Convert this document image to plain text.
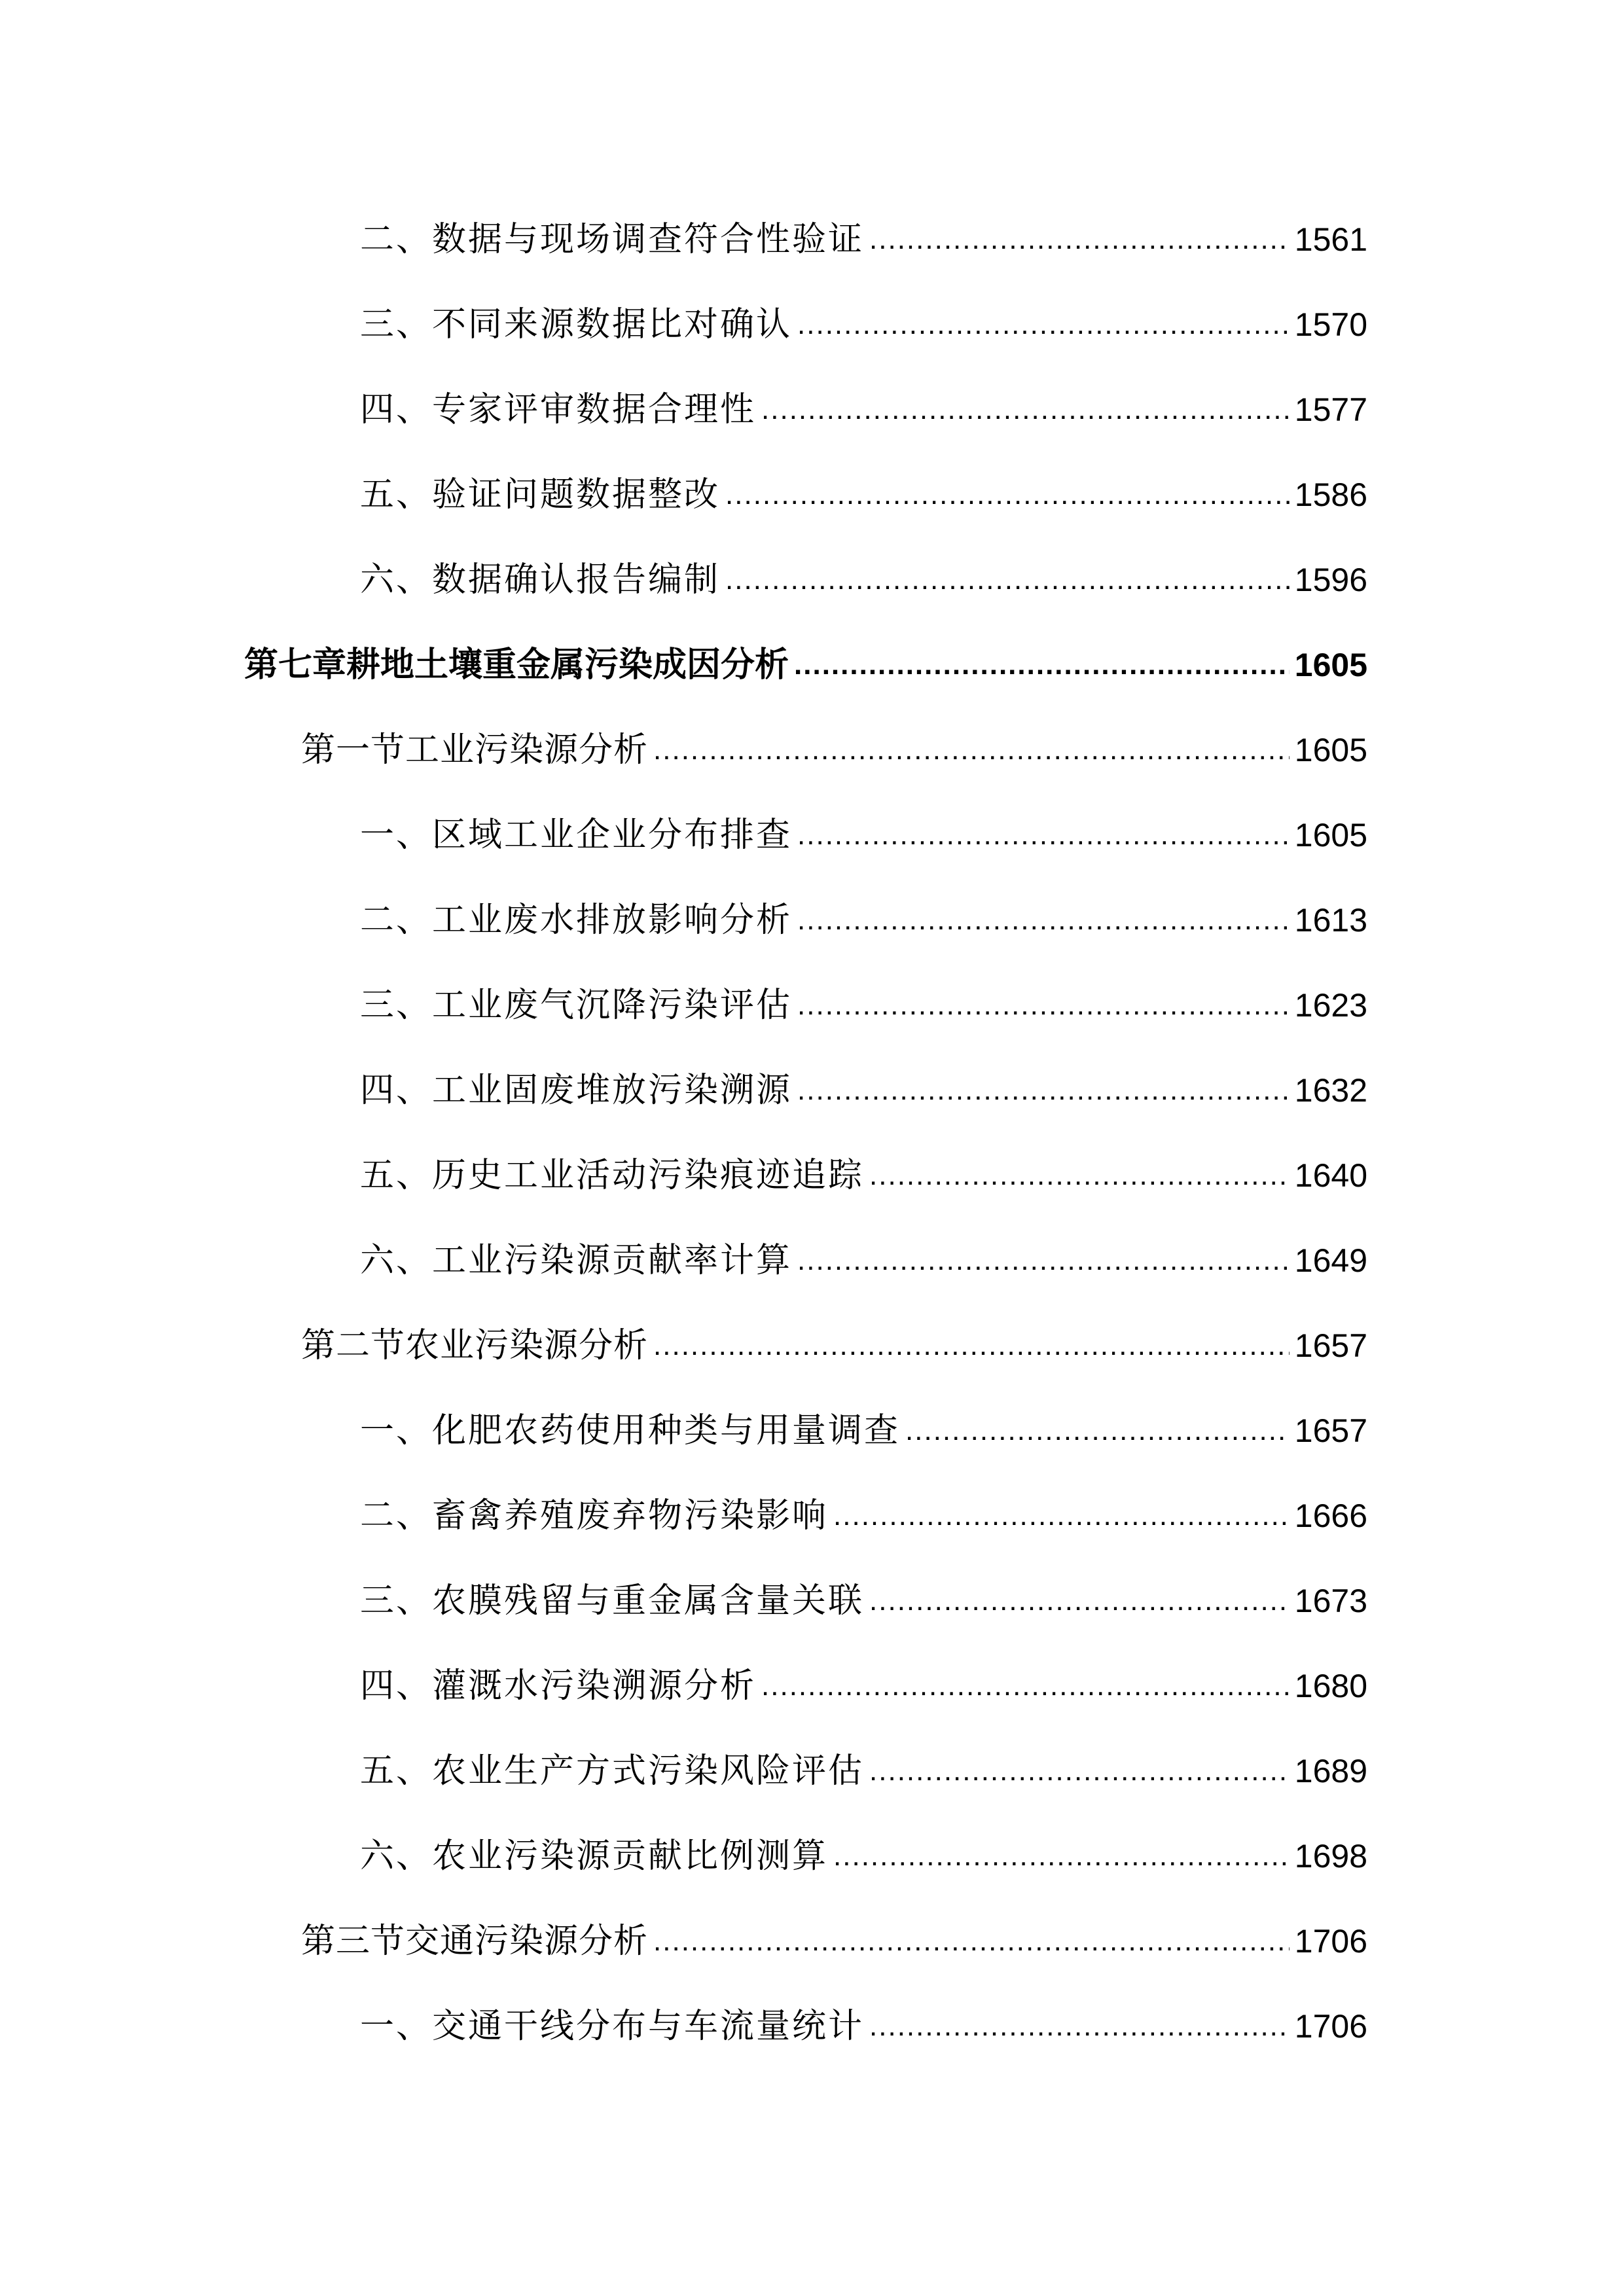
二、数据与现场调查符合性验证 .....	1561
三、不同来源数据比对确认 .....	1570
四、专家评审数据合理性 .....	1577
五、验证问题数据整改 .....	1586
六、数据确认报告编制 .....	1596
第七章耕地土壤重金属污染成因分析 .....	1605
第一节工业污染源分析 .....	1605
一、区域工业企业分布排查 .....	1605
二、工业废水排放影响分析 .....	1613
三、工业废气沉降污染评估 .....	1623
四、工业固废堆放污染溯源 .....	1632
五、历史工业活动污染痕迹追踪 .....	1640
六、工业污染源贡献率计算 .....	1649
第二节农业污染源分析 .....	1657
一、化肥农药使用种类与用量调查 .....	1657
二、畜禽养殖废弃物污染影响 .....	1666
三、农膜残留与重金属含量关联 .....	1673
四、灌溉水污染溯源分析 .....	1680
五、农业生产方式污染风险评估 .....	1689
六、农业污染源贡献比例测算 .....	1698
第三节交通污染源分析 .....	1706
一、交通干线分布与车流量统计 .....	1706
